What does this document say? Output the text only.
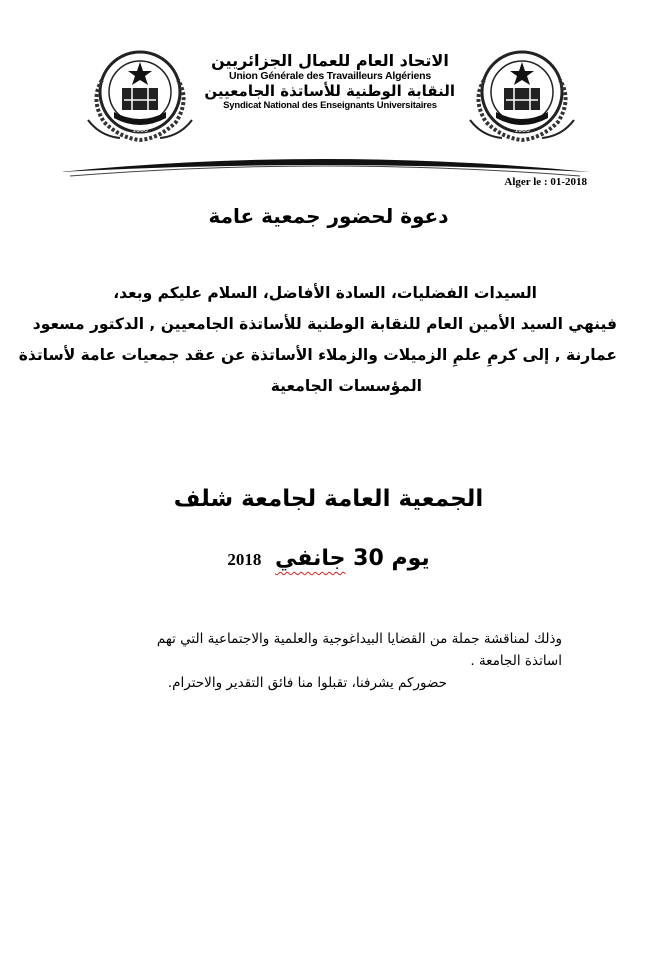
1956
الاتحاد العام للعمال الجزائريين
Union Générale des Travailleurs Algériens
النقابة الوطنية للأساتذة الجامعيين
Syndicat National des Enseignants Universitaires
1956
Alger le : 01-2018
دعوة لحضور جمعية عامة
السيدات الفضليات، السادة الأفاضل، السلام عليكم وبعد،
فينهي السيد الأمين العام للنقابة الوطنية للأساتذة الجامعيين , الدكتور مسعود
عمارنة , إلى كرمِ علمِ الزميلات والزملاء الأساتذة عن عقد جمعيات عامة لأساتذة
المؤسسات الجامعية
الجمعية العامة لجامعة شلف
يوم 30 جانفي 2018
وذلك لمناقشة جملة من القضايا البيداغوجية والعلمية والاجتماعية التي تهم
اساتذة الجامعة .
حضوركم يشرفنا، تقبلوا منا فائق التقدير والاحترام.
